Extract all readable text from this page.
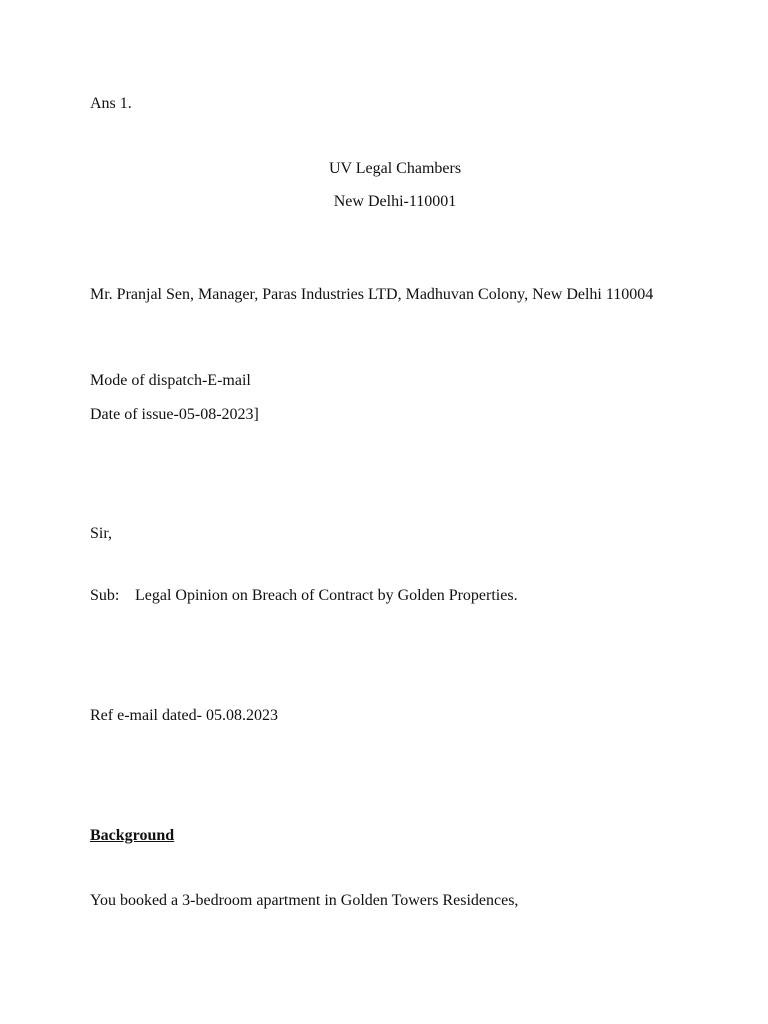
Ans 1.
UV Legal Chambers
New Delhi-110001
Mr. Pranjal Sen, Manager, Paras Industries LTD, Madhuvan Colony, New Delhi 110004
Mode of dispatch-E-mail
Date of issue-05-08-2023]
Sir,
Sub: Legal Opinion on Breach of Contract by Golden Properties.
Ref e-mail dated- 05.08.2023
Background
You booked a 3-bedroom apartment in Golden Towers Residences,
